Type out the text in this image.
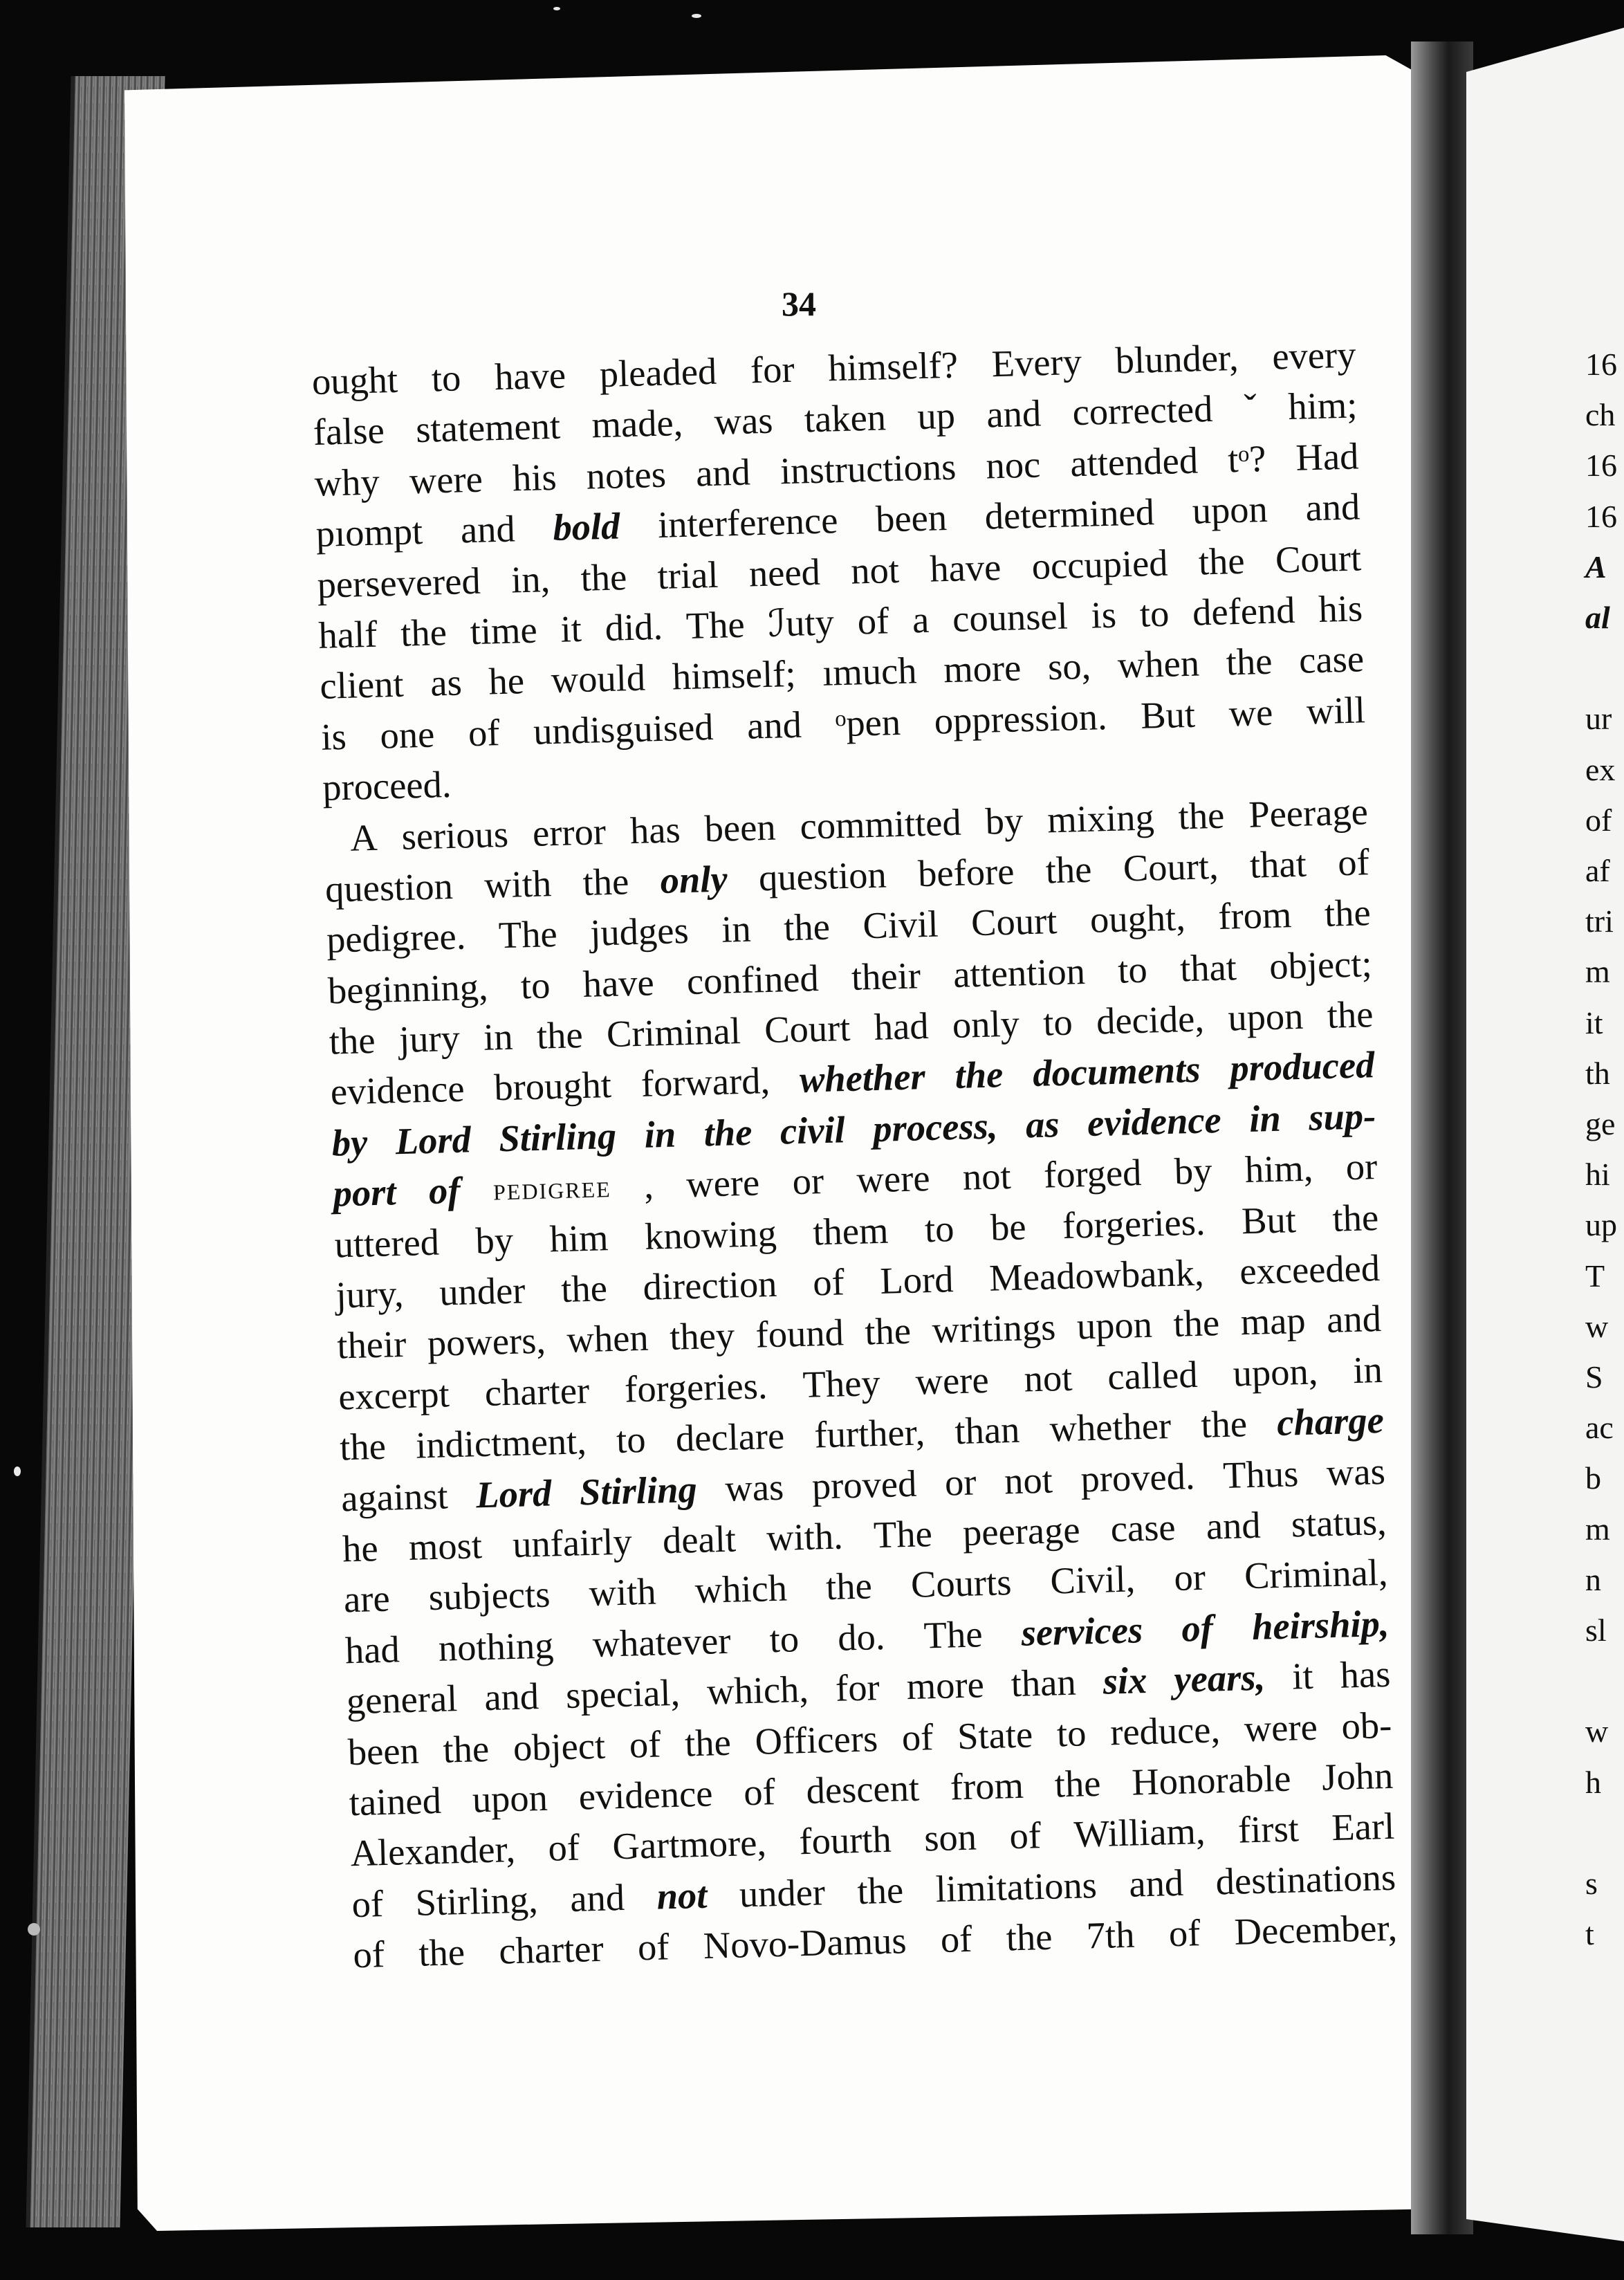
16
ch
16
16
A
al
ur
ex
of
af
tri
m
it
th
ge
hi
up
T
w
S
ac
b
m
n
sl
w
h
s
t
34
ought to have pleaded for himself? Every blunder, every
false statement made, was taken up and corrected ˇ him;
why were his notes and instructions noc attended tᵒ? Had
pıompt and bold interference been determined upon and
persevered in, the trial need not have occupied the Court
half the time it did. The ℐuty of a counsel is to defend his
client as he would himself; ımuch more so, when the case
is one of undisguised and ᵒpen oppression. But we will
proceed.
A serious error has been committed by mixing the Peerage
question with the only question before the Court, that of
pedigree. The judges in the Civil Court ought, from the
beginning, to have confined their attention to that object;
the jury in the Criminal Court had only to decide, upon the
evidence brought forward, whether the documents produced
by Lord Stirling in the civil process, as evidence in sup-
port of pedigree , were or were not forged by him, or
uttered by him knowing them to be forgeries. But the
jury, under the direction of Lord Meadowbank, exceeded
their powers, when they found the writings upon the map and
excerpt charter forgeries. They were not called upon, in
the indictment, to declare further, than whether the charge
against Lord Stirling was proved or not proved. Thus was
he most unfairly dealt with. The peerage case and status,
are subjects with which the Courts Civil, or Criminal,
had nothing whatever to do. The services of heirship,
general and special, which, for more than six years, it has
been the object of the Officers of State to reduce, were ob-
tained upon evidence of descent from the Honorable John
Alexander, of Gartmore, fourth son of William, first Earl
of Stirling, and not under the limitations and destinations
of the charter of Novo-Damus of the 7th of December,
